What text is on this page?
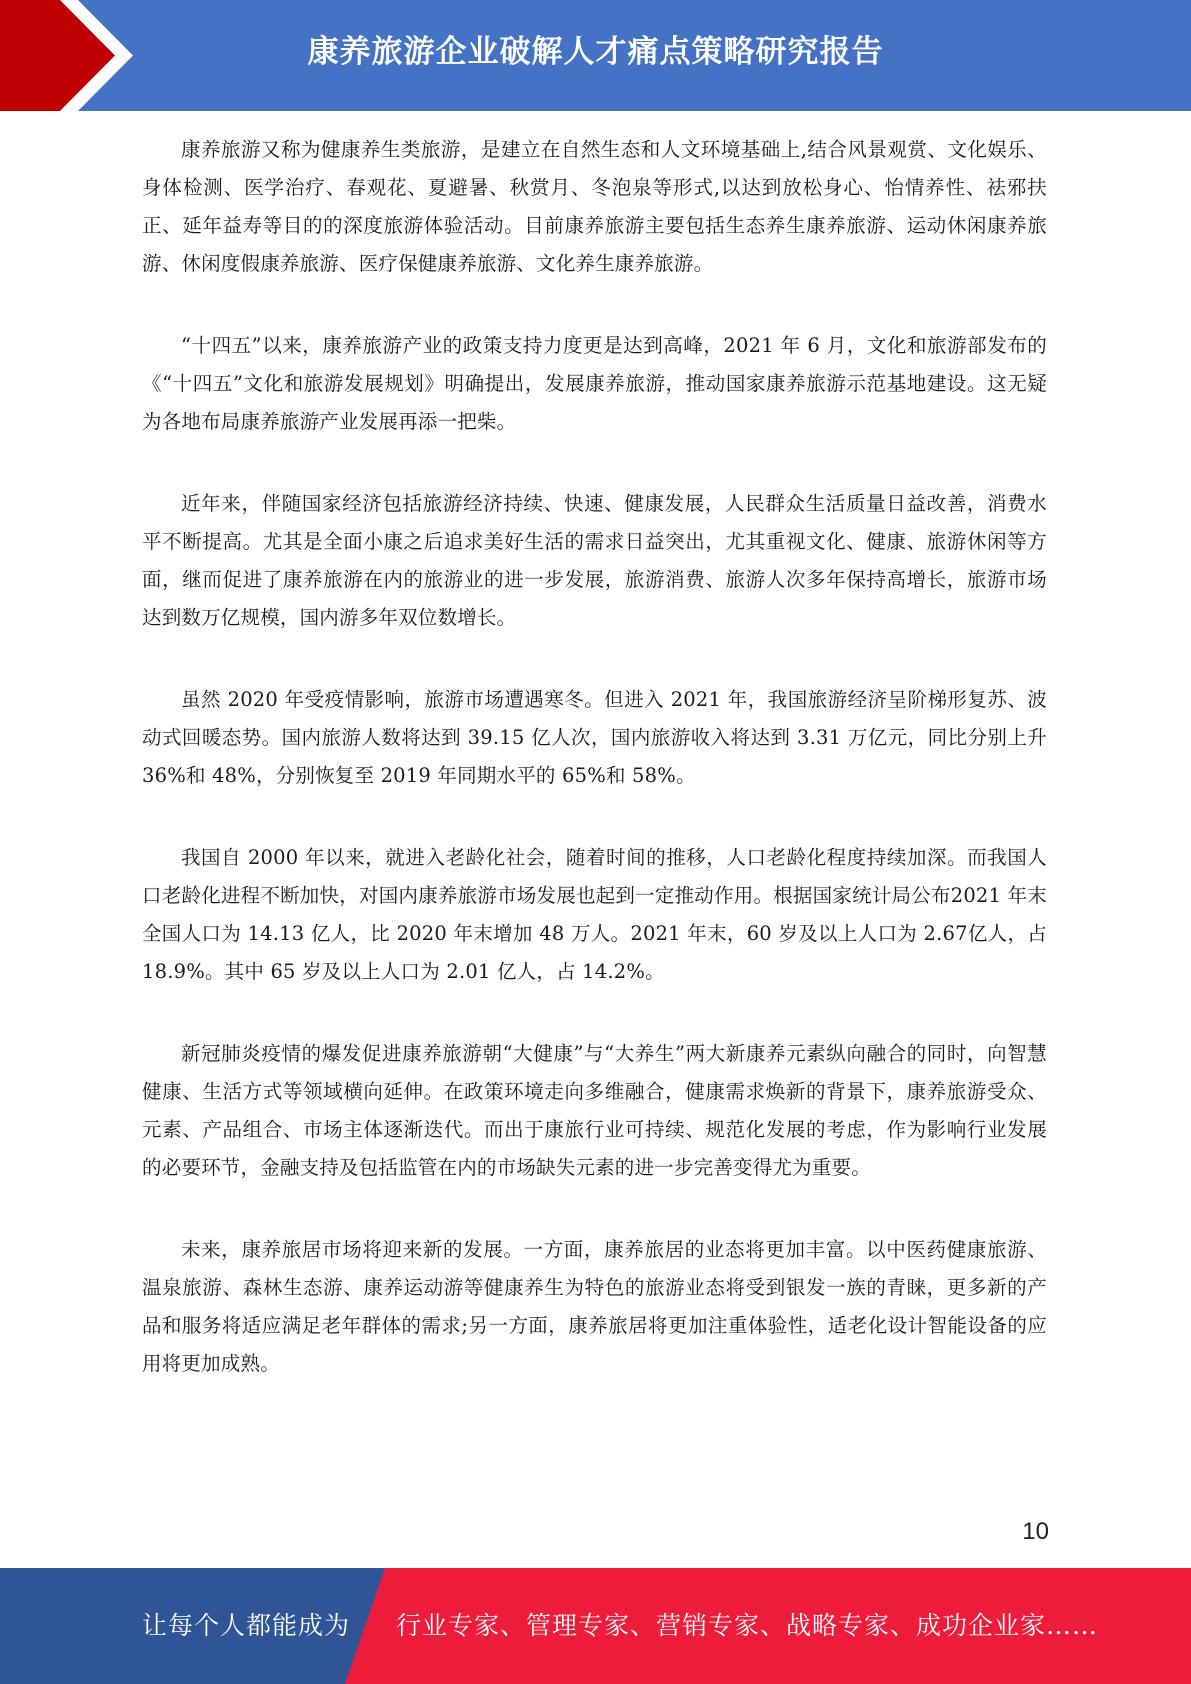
康养旅游企业破解人才痛点策略研究报告

康养旅游又称为健康养生类旅游，是建立在自然生态和人文环境基础上,结合风景观赏、文化娱乐、身体检测、医学治疗、春观花、夏避暑、秋赏月、冬泡泉等形式,以达到放松身心、怡情养性、祛邪扶正、延年益寿等目的的深度旅游体验活动。目前康养旅游主要包括生态养生康养旅游、运动休闲康养旅游、休闲度假康养旅游、医疗保健康养旅游、文化养生康养旅游。

“十四五”以来，康养旅游产业的政策支持力度更是达到高峰，2021 年 6 月，文化和旅游部发布的《“十四五”文化和旅游发展规划》明确提出，发展康养旅游，推动国家康养旅游示范基地建设。这无疑为各地布局康养旅游产业发展再添一把柴。

近年来，伴随国家经济包括旅游经济持续、快速、健康发展，人民群众生活质量日益改善，消费水平不断提高。尤其是全面小康之后追求美好生活的需求日益突出，尤其重视文化、健康、旅游休闲等方面，继而促进了康养旅游在内的旅游业的进一步发展，旅游消费、旅游人次多年保持高增长，旅游市场达到数万亿规模，国内游多年双位数增长。

虽然 2020 年受疫情影响，旅游市场遭遇寒冬。但进入 2021 年，我国旅游经济呈阶梯形复苏、波动式回暖态势。国内旅游人数将达到 39.15 亿人次，国内旅游收入将达到 3.31 万亿元，同比分别上升 36%和 48%，分别恢复至 2019 年同期水平的 65%和 58%。

我国自 2000 年以来，就进入老龄化社会，随着时间的推移，人口老龄化程度持续加深。而我国人口老龄化进程不断加快，对国内康养旅游市场发展也起到一定推动作用。根据国家统计局公布2021 年末全国人口为 14.13 亿人，比 2020 年末增加 48 万人。2021 年末，60 岁及以上人口为 2.67亿人，占 18.9%。其中 65 岁及以上人口为 2.01 亿人，占 14.2%。

新冠肺炎疫情的爆发促进康养旅游朝“大健康”与“大养生”两大新康养元素纵向融合的同时，向智慧健康、生活方式等领域横向延伸。在政策环境走向多维融合，健康需求焕新的背景下，康养旅游受众、元素、产品组合、市场主体逐渐迭代。而出于康旅行业可持续、规范化发展的考虑，作为影响行业发展的必要环节，金融支持及包括监管在内的市场缺失元素的进一步完善变得尤为重要。

未来，康养旅居市场将迎来新的发展。一方面，康养旅居的业态将更加丰富。以中医药健康旅游、温泉旅游、森林生态游、康养运动游等健康养生为特色的旅游业态将受到银发一族的青睐，更多新的产品和服务将适应满足老年群体的需求;另一方面，康养旅居将更加注重体验性，适老化设计智能设备的应用将更加成熟。

10
让每个人都能成为 行业专家、管理专家、营销专家、战略专家、成功企业家……
